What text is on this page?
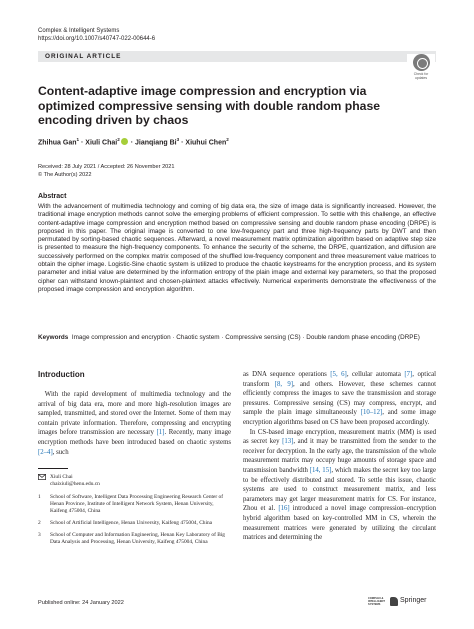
Complex & Intelligent Systems
https://doi.org/10.1007/s40747-022-00644-6
ORIGINAL ARTICLE
Check for
updates
Content-adaptive image compression and encryption via optimized compressive sensing with double random phase encoding driven by chaos
Zhihua Gan$^1$ · Xiuli Chai$^2$ · Jianqiang $Bi^3$ · Xiuhui Chen$^2$
Received: 28 July 2021 / Accepted: 26 November 2021
© The Author(s) 2022
Abstract

With the advancement of multimedia technology and coming of big data era, the size of image data is significantly increased. However, the traditional image encryption methods cannot solve the emerging problems of efficient compression. To settle with this challenge, an effective content-adaptive image compression and encryption method based on compressive sensing and double random phase encoding (DRPE) is proposed in this paper. The original image is converted to one low-frequency part and three high-frequency parts by DWT and then permutated by sorting-based chaotic sequences. Afterward, a novel measurement matrix optimization algorithm based on adaptive step size is presented to measure the high-frequency components. To enhance the security of the scheme, the DRPE, quantization, and diffusion are successively performed on the complex matrix composed of the shuffled low-frequency component and three measurement value matrices to obtain the cipher image. Logistic-Sine chaotic system is utilized to produce the chaotic keystreams for the encryption process, and its system parameter and initial value are determined by the information entropy of the plain image and external key parameters, so that the proposed cipher can withstand known-plaintext and chosen-plaintext attacks effectively. Numerical experiments demonstrate the effectiveness of the proposed image compression and encryption algorithm.

Keywords Image compression and encryption · Chaotic system · Compressive sensing (CS) · Double random phase encoding (DRPE)

Introduction

 With the rapid development of multimedia technology and the arrival of big data era, more and more high-resolution images are sampled, transmitted, and stored over the Internet. Some of them may contain private information. Therefore, compressing and encrypting images before transmission are necessary [1]. Recently, many image encryption methods have been introduced based on chaotic systems [2–4], such

Xiuli Chai
chaixiuli@henu.edu.cn
1	School of Software, Intelligent Data Processing Engineering Research Center of Henan Province, Institute of Intelligent Network System, Henan University, Kaifeng 475004, China
2	School of Artificial Intelligence, Henan University, Kaifeng 475004, China
3	School of Computer and Information Engineering, Henan Key Laboratory of Big Data Analysis and Processing, Henan University, Kaifeng 475004, China

as DNA sequence operations [5, 6], cellular automata [7], optical transform [8, 9], and others. However, these schemes cannot efficiently compress the images to save the transmission and storage pressures. Compressive sensing (CS) may compress, encrypt, and sample the plain image simultaneously [10–12], and some image encryption algorithms based on CS have been proposed accordingly.

 In CS-based image encryption, measurement matrix (MM) is used as secret key [13], and it may be transmitted from the sender to the receiver for decryption. In the early age, the transmission of the whole measurement matrix may occupy huge amounts of storage space and transmission bandwidth [14, 15], which makes the secret key too large to be effectively distributed and stored. To settle this issue, chaotic systems are used to construct measurement matrix, and less parameters may get larger measurement matrix for CS. For instance, Zhou et al. [16] introduced a novel image compression–encryption hybrid algorithm based on key-controlled MM in CS, wherein the measurement matrices were generated by utilizing the circulant matrices and determining the

Published online: 24 January 2022
COMPLEX & INTELLIGENT SYSTEMS
Springer
